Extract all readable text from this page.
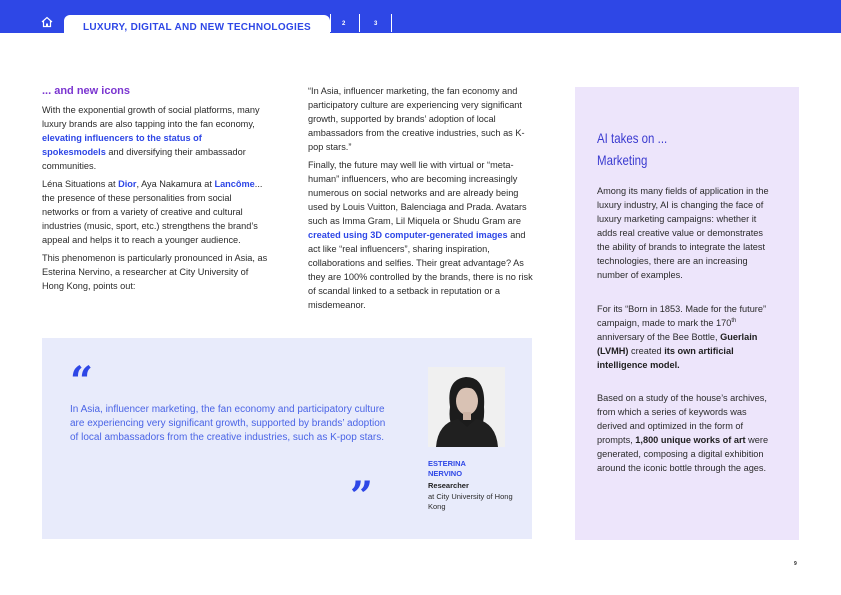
LUXURY, DIGITAL AND NEW TECHNOLOGIES	2	3
... and new icons

With the exponential growth of social platforms, many luxury brands are also tapping into the fan economy, elevating influencers to the status of spokesmodels and diversifying their ambassador communities.

Léna Situations at Dior, Aya Nakamura at Lancôme... the presence of these personalities from social networks or from a variety of creative and cultural industries (music, sport, etc.) strengthens the brand’s appeal and helps it to reach a younger audience.

This phenomenon is particularly pronounced in Asia, as Esterina Nervino, a researcher at City University of Hong Kong, points out:

“In Asia, influencer marketing, the fan economy and participatory culture are experiencing very significant growth, supported by brands’ adoption of local ambassadors from the creative industries, such as K-pop stars.”

Finally, the future may well lie with virtual or “meta-human” influencers, who are becoming increasingly numerous on social networks and are already being used by Louis Vuitton, Balenciaga and Prada. Avatars such as Imma Gram, Lil Miquela or Shudu Gram are created using 3D computer-generated images and act like “real influencers”, sharing inspiration, collaborations and selfies. Their great advantage? As they are 100% controlled by the brands, there is no risk of scandal linked to a setback in reputation or a misdemeanor.

“
In Asia, influencer marketing, the fan economy and participatory culture are experiencing very significant growth, supported by brands’ adoption of local ambassadors from the creative industries, such as K-pop stars.
”
ESTERINA
NERVINO
Researcher
at City University of Hong Kong
AI takes on ...
Marketing
Among its many fields of application in the luxury industry, AI is changing the face of luxury marketing campaigns: whether it adds real creative value or demonstrates the ability of brands to integrate the latest technologies, there are an increasing number of examples.
For its “Born in 1853. Made for the future” campaign, made to mark the 170th anniversary of the Bee Bottle, Guerlain (LVMH) created its own artificial intelligence model.
Based on a study of the house’s archives, from which a series of keywords was derived and optimized in the form of prompts, 1,800 unique works of art were generated, composing a digital exhibition around the iconic bottle through the ages.
9
